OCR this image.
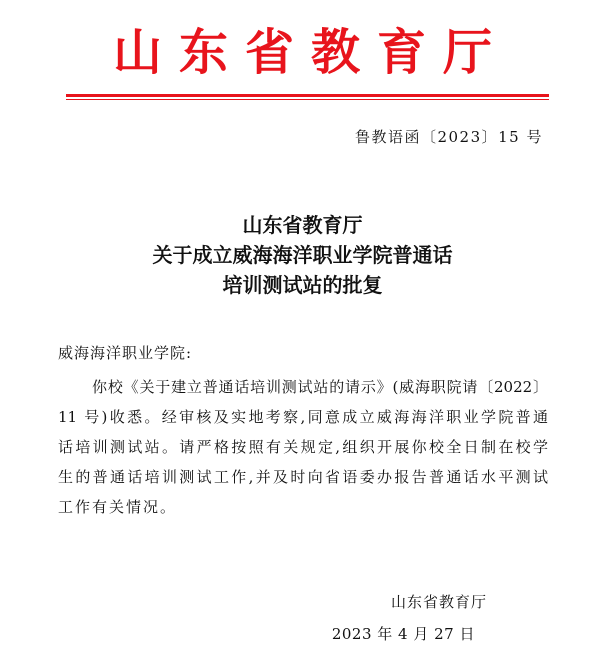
山东省教育厅
鲁教语函〔2023〕15 号
山东省教育厅
关于成立威海海洋职业学院普通话
培训测试站的批复
威海海洋职业学院:
你校《关于建立普通话培训测试站的请示》(威海职院请〔2022〕
11 号)收悉。经审核及实地考察,同意成立威海海洋职业学院普通
话培训测试站。请严格按照有关规定,组织开展你校全日制在校学
生的普通话培训测试工作,并及时向省语委办报告普通话水平测试
工作有关情况。
山东省教育厅
2023 年 4 月 27 日
